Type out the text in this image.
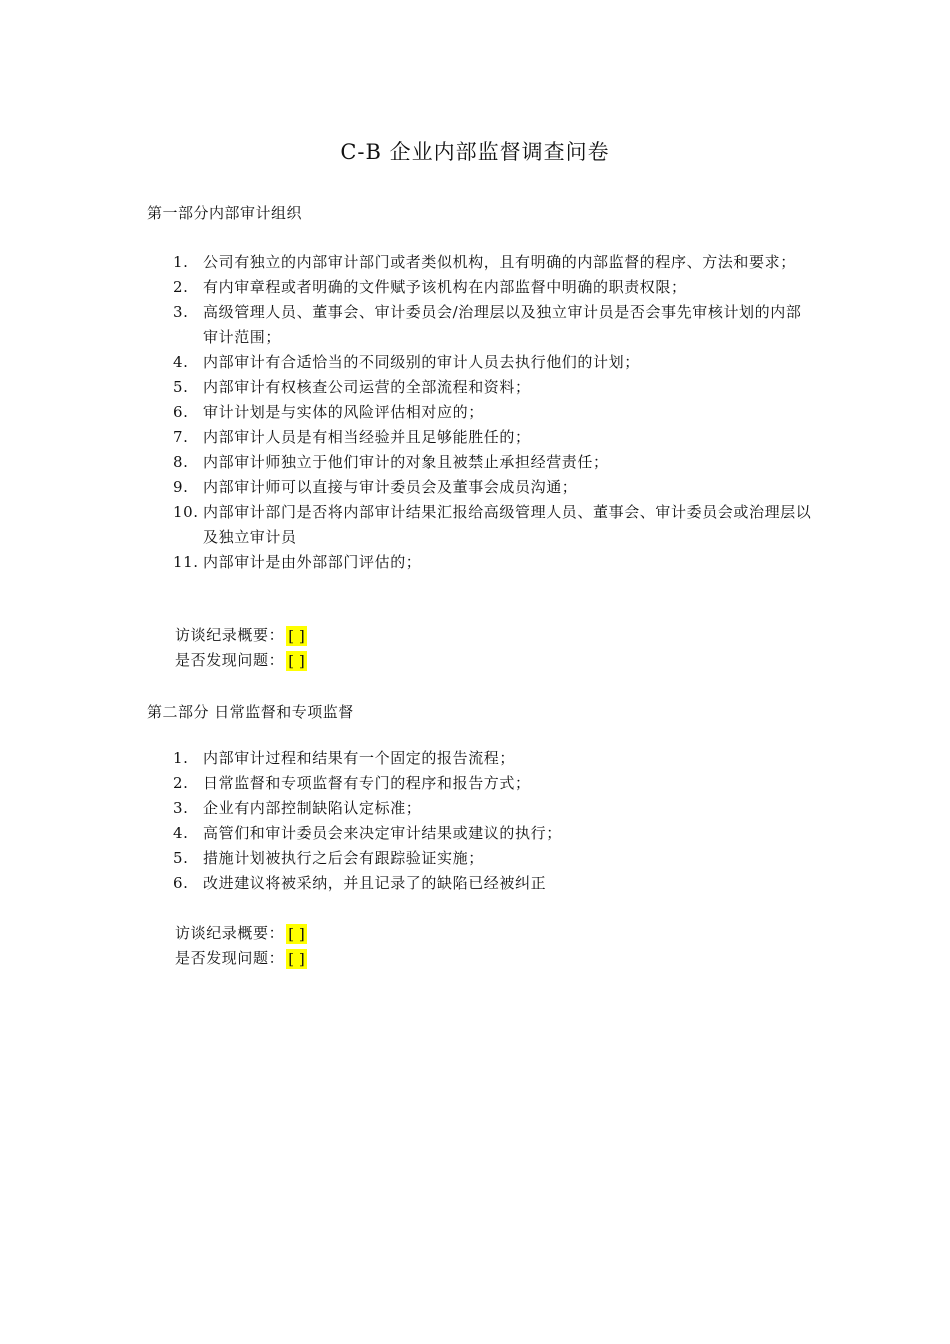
C-B 企业内部监督调查问卷
第一部分内部审计组织
1. 公司有独立的内部审计部门或者类似机构，且有明确的内部监督的程序、方法和要求；
2. 有内审章程或者明确的文件赋予该机构在内部监督中明确的职责权限；
3. 高级管理人员、董事会、审计委员会/治理层以及独立审计员是否会事先审核计划的内部审计范围；
4. 内部审计有合适恰当的不同级别的审计人员去执行他们的计划；
5. 内部审计有权核查公司运营的全部流程和资料；
6. 审计计划是与实体的风险评估相对应的；
7. 内部审计人员是有相当经验并且足够能胜任的；
8. 内部审计师独立于他们审计的对象且被禁止承担经营责任；
9. 内部审计师可以直接与审计委员会及董事会成员沟通；
10. 内部审计部门是否将内部审计结果汇报给高级管理人员、董事会、审计委员会或治理层以及独立审计员
11. 内部审计是由外部部门评估的；
访谈纪录概要： [ ]
是否发现问题： [ ]
第二部分 日常监督和专项监督
1. 内部审计过程和结果有一个固定的报告流程；
2. 日常监督和专项监督有专门的程序和报告方式；
3. 企业有内部控制缺陷认定标准；
4. 高管们和审计委员会来决定审计结果或建议的执行；
5. 措施计划被执行之后会有跟踪验证实施；
6. 改进建议将被采纳，并且记录了的缺陷已经被纠正
访谈纪录概要： [ ]
是否发现问题： [ ]
